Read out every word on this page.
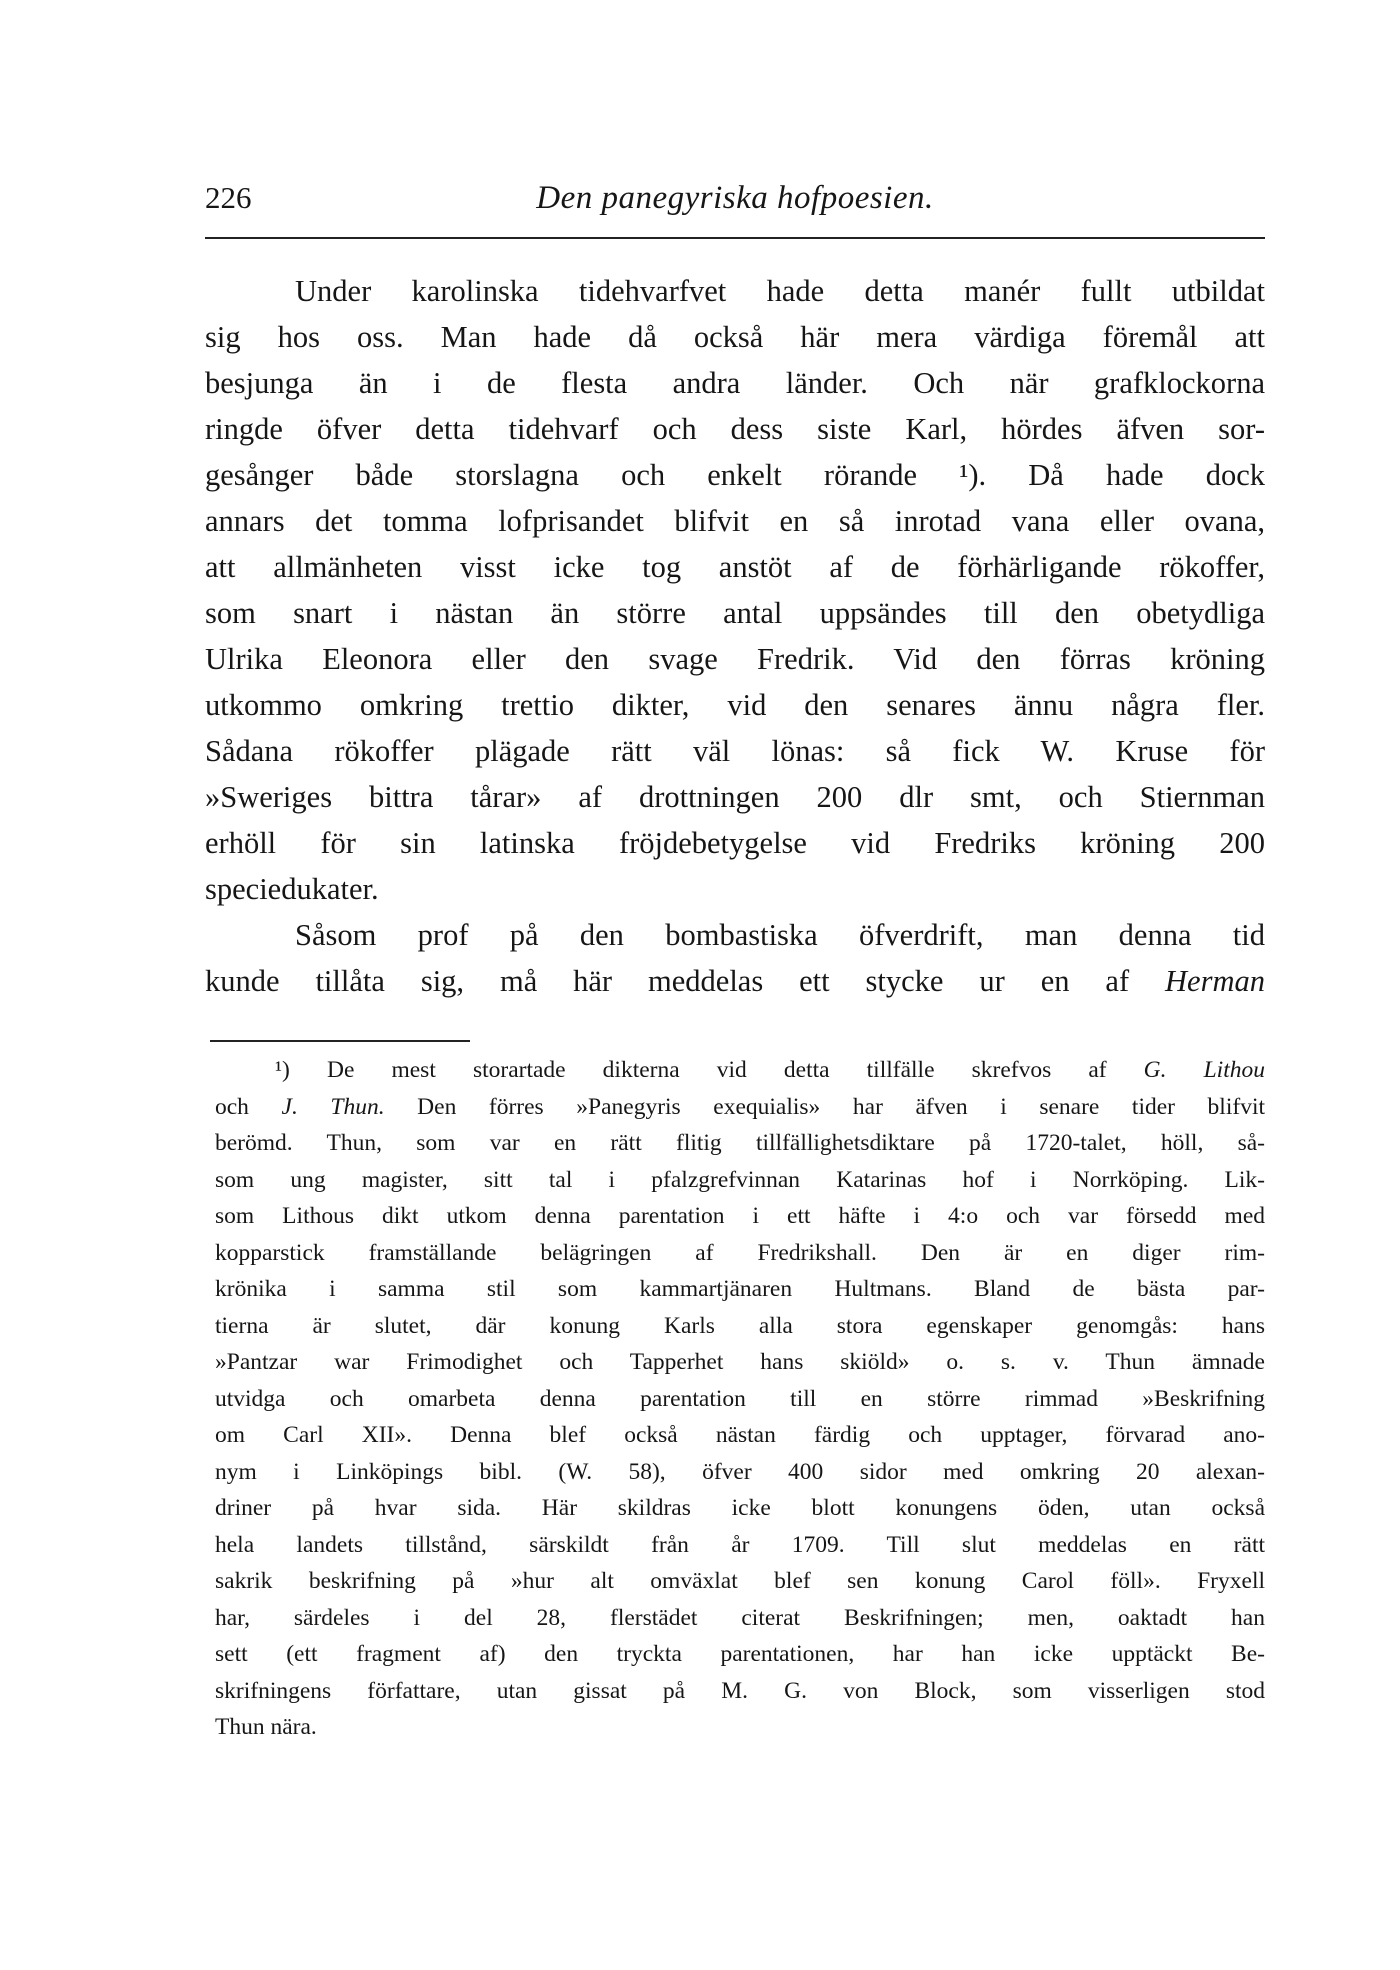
226	Den panegyriska hofpoesien.
Under karolinska tidehvarfvet hade detta manér fullt utbildat
sig hos oss. Man hade då också här mera värdiga föremål att
besjunga än i de flesta andra länder. Och när grafklockorna
ringde öfver detta tidehvarf och dess siste Karl, hördes äfven sor-
gesånger både storslagna och enkelt rörande ¹). Då hade dock
annars det tomma lofprisandet blifvit en så inrotad vana eller ovana,
att allmänheten visst icke tog anstöt af de förhärligande rökoffer,
som snart i nästan än större antal uppsändes till den obetydliga
Ulrika Eleonora eller den svage Fredrik. Vid den förras kröning
utkommo omkring trettio dikter, vid den senares ännu några fler.
Sådana rökoffer plägade rätt väl lönas: så fick W. Kruse för
»Sweriges bittra tårar» af drottningen 200 dlr smt, och Stiernman
erhöll för sin latinska fröjdebetygelse vid Fredriks kröning 200
speciedukater.
Såsom prof på den bombastiska öfverdrift, man denna tid
kunde tillåta sig, må här meddelas ett stycke ur en af Herman
¹) De mest storartade dikterna vid detta tillfälle skrefvos af G. Lithou
och J. Thun. Den förres »Panegyris exequialis» har äfven i senare tider blifvit
berömd. Thun, som var en rätt flitig tillfällighetsdiktare på 1720-talet, höll, så-
som ung magister, sitt tal i pfalzgrefvinnan Katarinas hof i Norrköping. Lik-
som Lithous dikt utkom denna parentation i ett häfte i 4:o och var försedd med
kopparstick framställande belägringen af Fredrikshall. Den är en diger rim-
krönika i samma stil som kammartjänaren Hultmans. Bland de bästa par-
tierna är slutet, där konung Karls alla stora egenskaper genomgås: hans
»Pantzar war Frimodighet och Tapperhet hans skiöld» o. s. v. Thun ämnade
utvidga och omarbeta denna parentation till en större rimmad »Beskrifning
om Carl XII». Denna blef också nästan färdig och upptager, förvarad ano-
nym i Linköpings bibl. (W. 58), öfver 400 sidor med omkring 20 alexan-
driner på hvar sida. Här skildras icke blott konungens öden, utan också
hela landets tillstånd, särskildt från år 1709. Till slut meddelas en rätt
sakrik beskrifning på »hur alt omväxlat blef sen konung Carol föll». Fryxell
har, särdeles i del 28, flerstädet citerat Beskrifningen; men, oaktadt han
sett (ett fragment af) den tryckta parentationen, har han icke upptäckt Be-
skrifningens författare, utan gissat på M. G. von Block, som visserligen stod
Thun nära.
